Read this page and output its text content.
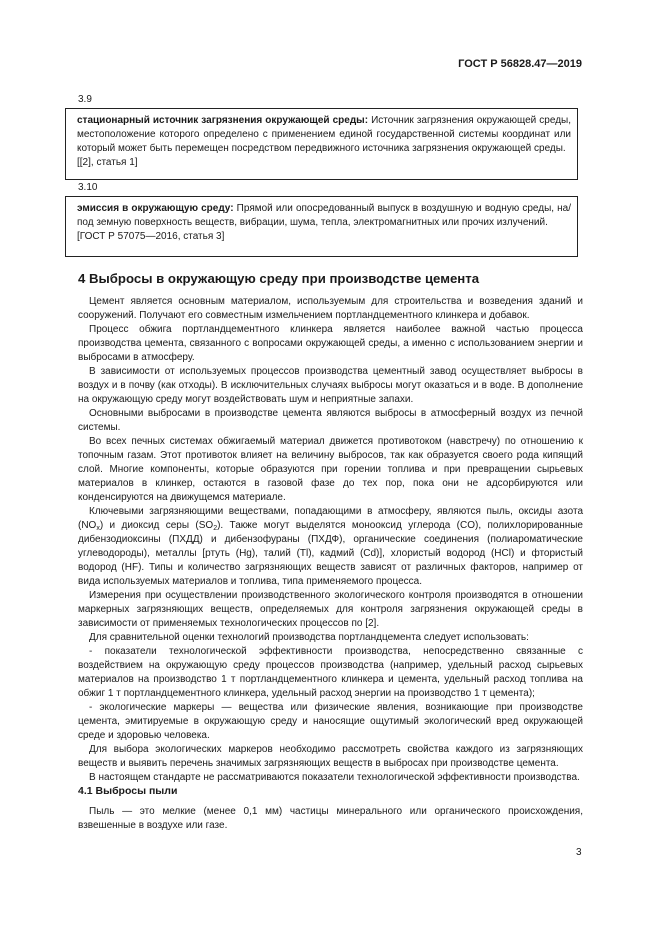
ГОСТ Р 56828.47—2019
3.9
стационарный источник загрязнения окружающей среды: Источник загрязнения окружающей среды, местоположение которого определено с применением единой государственной системы координат или который может быть перемещен посредством передвижного источника загрязнения окружающей среды.
[[2], статья 1]
3.10
эмиссия в окружающую среду: Прямой или опосредованный выпуск в воздушную и водную среды, на/под земную поверхность веществ, вибрации, шума, тепла, электромагнитных или прочих излучений.
[ГОСТ Р 57075—2016, статья 3]
4 Выбросы в окружающую среду при производстве цемента

Цемент является основным материалом, используемым для строительства и возведения зданий и сооружений. Получают его совместным измельчением портландцементного клинкера и добавок.

Процесс обжига портландцементного клинкера является наиболее важной частью процесса производства цемента, связанного с вопросами окружающей среды, а именно с использованием энергии и выбросами в атмосферу.

В зависимости от используемых процессов производства цементный завод осуществляет выбросы в воздух и в почву (как отходы). В исключительных случаях выбросы могут оказаться и в воде. В дополнение на окружающую среду могут воздействовать шум и неприятные запахи.

Основными выбросами в производстве цемента являются выбросы в атмосферный воздух из печной системы.

Во всех печных системах обжигаемый материал движется противотоком (навстречу) по отношению к топочным газам. Этот противоток влияет на величину выбросов, так как образуется своего рода кипящий слой. Многие компоненты, которые образуются при горении топлива и при превращении сырьевых материалов в клинкер, остаются в газовой фазе до тех пор, пока они не адсорбируются или конденсируются на движущемся материале.

Ключевыми загрязняющими веществами, попадающими в атмосферу, являются пыль, оксиды азота $(NO_x)$ и диоксид серы $(SO_2)$. Также могут выделятся монооксид углерода (CO), полихлорированные дибензодиоксины (ПХДД) и дибензофураны (ПХДФ), органические соединения (полиароматические углеводороды), металлы [ртуть (Hg), талий (Tl), кадмий (Cd)], хлористый водород (HCl) и фтористый водород (HF). Типы и количество загрязняющих веществ зависят от различных факторов, например от вида используемых материалов и топлива, типа применяемого процесса.

Измерения при осуществлении производственного экологического контроля производятся в отношении маркерных загрязняющих веществ, определяемых для контроля загрязнения окружающей среды в зависимости от применяемых технологических процессов по [2].

Для сравнительной оценки технологий производства портландцемента следует использовать:

- показатели технологической эффективности производства, непосредственно связанные с воздействием на окружающую среду процессов производства (например, удельный расход сырьевых материалов на производство 1 т портландцементного клинкера и цемента, удельный расход топлива на обжиг 1 т портландцементного клинкера, удельный расход энергии на производство 1 т цемента);

- экологические маркеры — вещества или физические явления, возникающие при производстве цемента, эмитируемые в окружающую среду и наносящие ощутимый экологический вред окружающей среде и здоровью человека.

Для выбора экологических маркеров необходимо рассмотреть свойства каждого из загрязняющих веществ и выявить перечень значимых загрязняющих веществ в выбросах при производстве цемента.

В настоящем стандарте не рассматриваются показатели технологической эффективности производства.

4.1 Выбросы пыли

Пыль — это мелкие (менее 0,1 мм) частицы минерального или органического происхождения, взвешенные в воздухе или газе.

3
